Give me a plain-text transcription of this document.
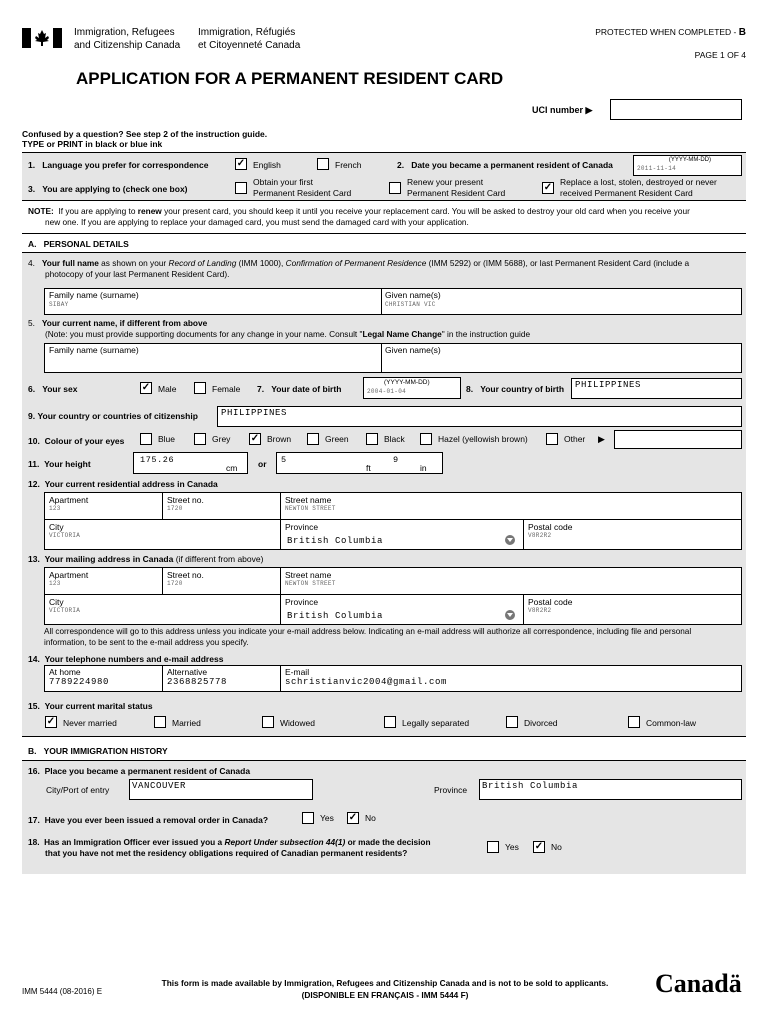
Immigration, Refugees
and Citizenship Canada
Immigration, Réfugiés
et Citoyenneté Canada
PROTECTED WHEN COMPLETED - B
PAGE 1 OF 4
APPLICATION FOR A PERMANENT RESIDENT CARD
UCI number ▶
Confused by a question? See step 2 of the instruction guide.
TYPE or PRINT in black or blue ink
1. Language you prefer for correspondence	✓ English	French	2. Date you became a permanent resident of Canada	(YYYY-MM-DD)
2011-11-14
3. You are applying to (check one box)
Obtain your first
Permanent Resident Card
Renew your present
Permanent Resident Card	✓ Replace a lost, stolen, destroyed or never
received Permanent Resident Card
NOTE: If you are applying to renew your present card, you should keep it until you receive your replacement card. You will be asked to destroy your old card when you receive your
new one. If you are applying to replace your damaged card, you must send the damaged card with your application.
A. PERSONAL DETAILS
4. Your full name as shown on your Record of Landing (IMM 1000), Confirmation of Permanent Residence (IMM 5292) or (IMM 5688), or last Permanent Resident Card (include a
photocopy of your last Permanent Resident Card).
Family name (surname)
SIBAY
Given name(s)
CHRISTIAN VIC
5. Your current name, if different from above
(Note: you must provide supporting documents for any change in your name. Consult "Legal Name Change" in the instruction guide
Family name (surname)	Given name(s)
6. Your sex	✓ Male	Female 7. Your date of birth
(YYYY-MM-DD)
2004-01-04	8. Your country of birth PHILIPPINES
9. Your country or countries of citizenship	PHILIPPINES
10. Colour of your eyes	Blue	Grey ✓ Brown	Green	Black	Hazel (yellowish brown)	Other ▶
11. Your height	175.26
cm or 5
ft
9
in
12. Your current residential address in Canada
Apartment
123
Street no.
1720
Street name
NEWTON STREET
City
VICTORIA
Province
British Columbia
Postal code
V8R2R2
13. Your mailing address in Canada (if different from above)
Apartment
123
Street no.
1720
Street name
NEWTON STREET
City
VICTORIA
Province
British Columbia
Postal code
V8R2R2
All correspondence will go to this address unless you indicate your e-mail address below. Indicating an e-mail address will authorize all correspondence, including file and personal
information, to be sent to the e-mail address you specify.
14. Your telephone numbers and e-mail address
At home
7789224980
Alternative
2368825778
E-mail
schristianvic2004@gmail.com
15. Your current marital status
✓ Never married	Married	Widowed	Legally separated	Divorced	Common-law
B. YOUR IMMIGRATION HISTORY
16. Place you became a permanent resident of Canada
City/Port of entry	VANCOUVER	Province British Columbia
17. Have you ever been issued a removal order in Canada?	Yes ✓ No
18. Has an Immigration Officer ever issued you a Report Under subsection 44(1) or made the decision
that you have not met the residency obligations required of Canadian permanent residents?
Yes ✓ No
IMM 5444 (08-2016) E
This form is made available by Immigration, Refugees and Citizenship Canada and is not to be sold to applicants.
(DISPONIBLE EN FRANÇAIS - IMM 5444 F)	Canadä
